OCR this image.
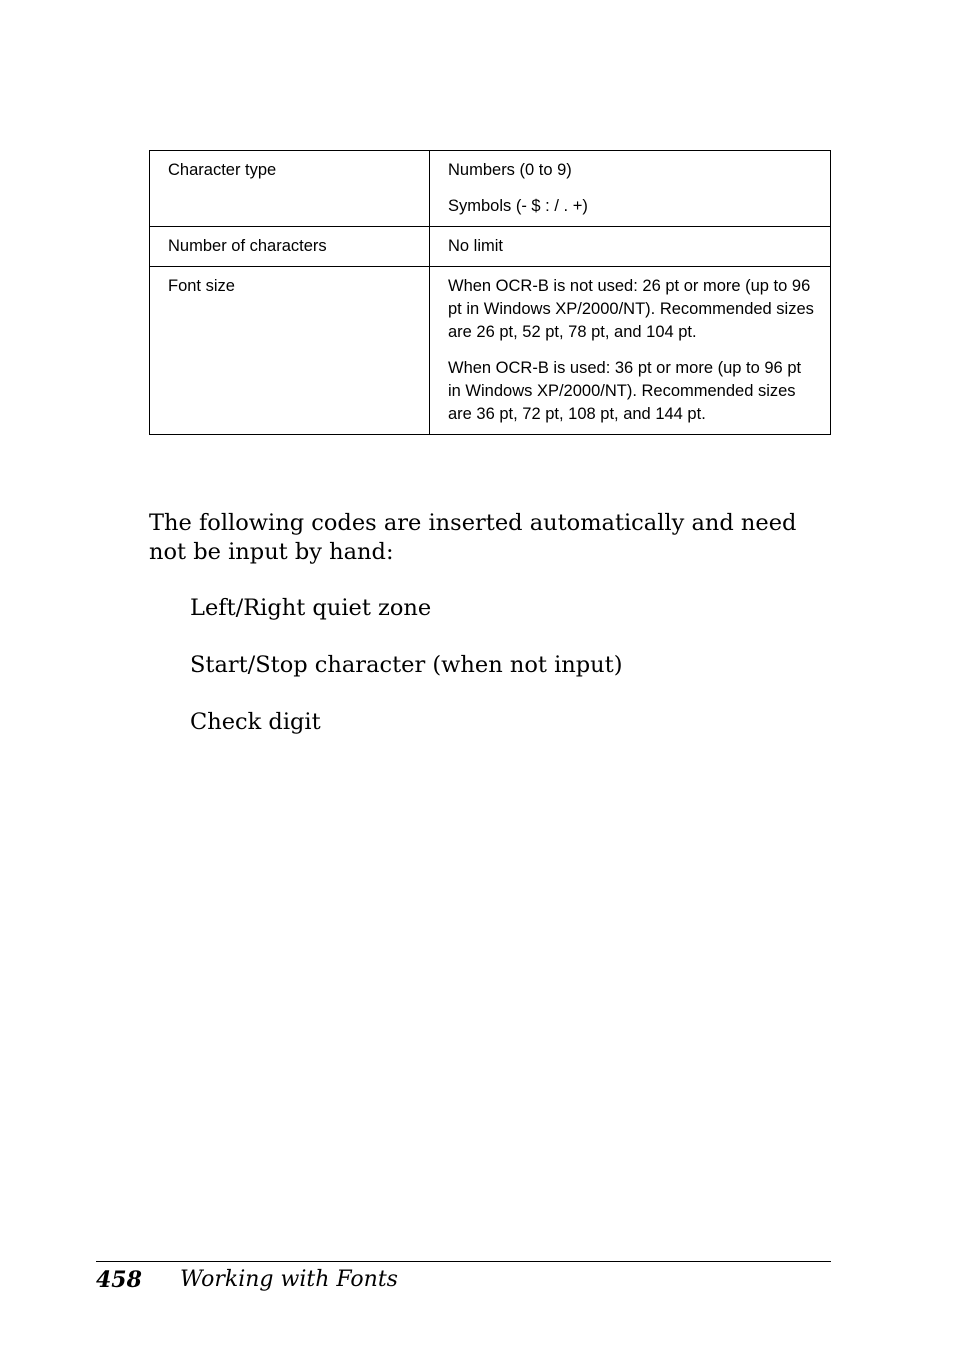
Character type	Numbers (0 to 9)

Symbols (- $ : / . +)

Number of characters	No limit

Font size	When OCR-B is not used: 26 pt or more (up to 96 pt in Windows XP/2000/NT). Recommended sizes are 26 pt, 52 pt, 78 pt, and 104 pt.

When OCR-B is used: 36 pt or more (up to 96 pt in Windows XP/2000/NT). Recommended sizes are 36 pt, 72 pt, 108 pt, and 144 pt.

The following codes are inserted automatically and need not be input by hand:

Left/Right quiet zone
Start/Stop character (when not input)
Check digit
458 Working with Fonts
